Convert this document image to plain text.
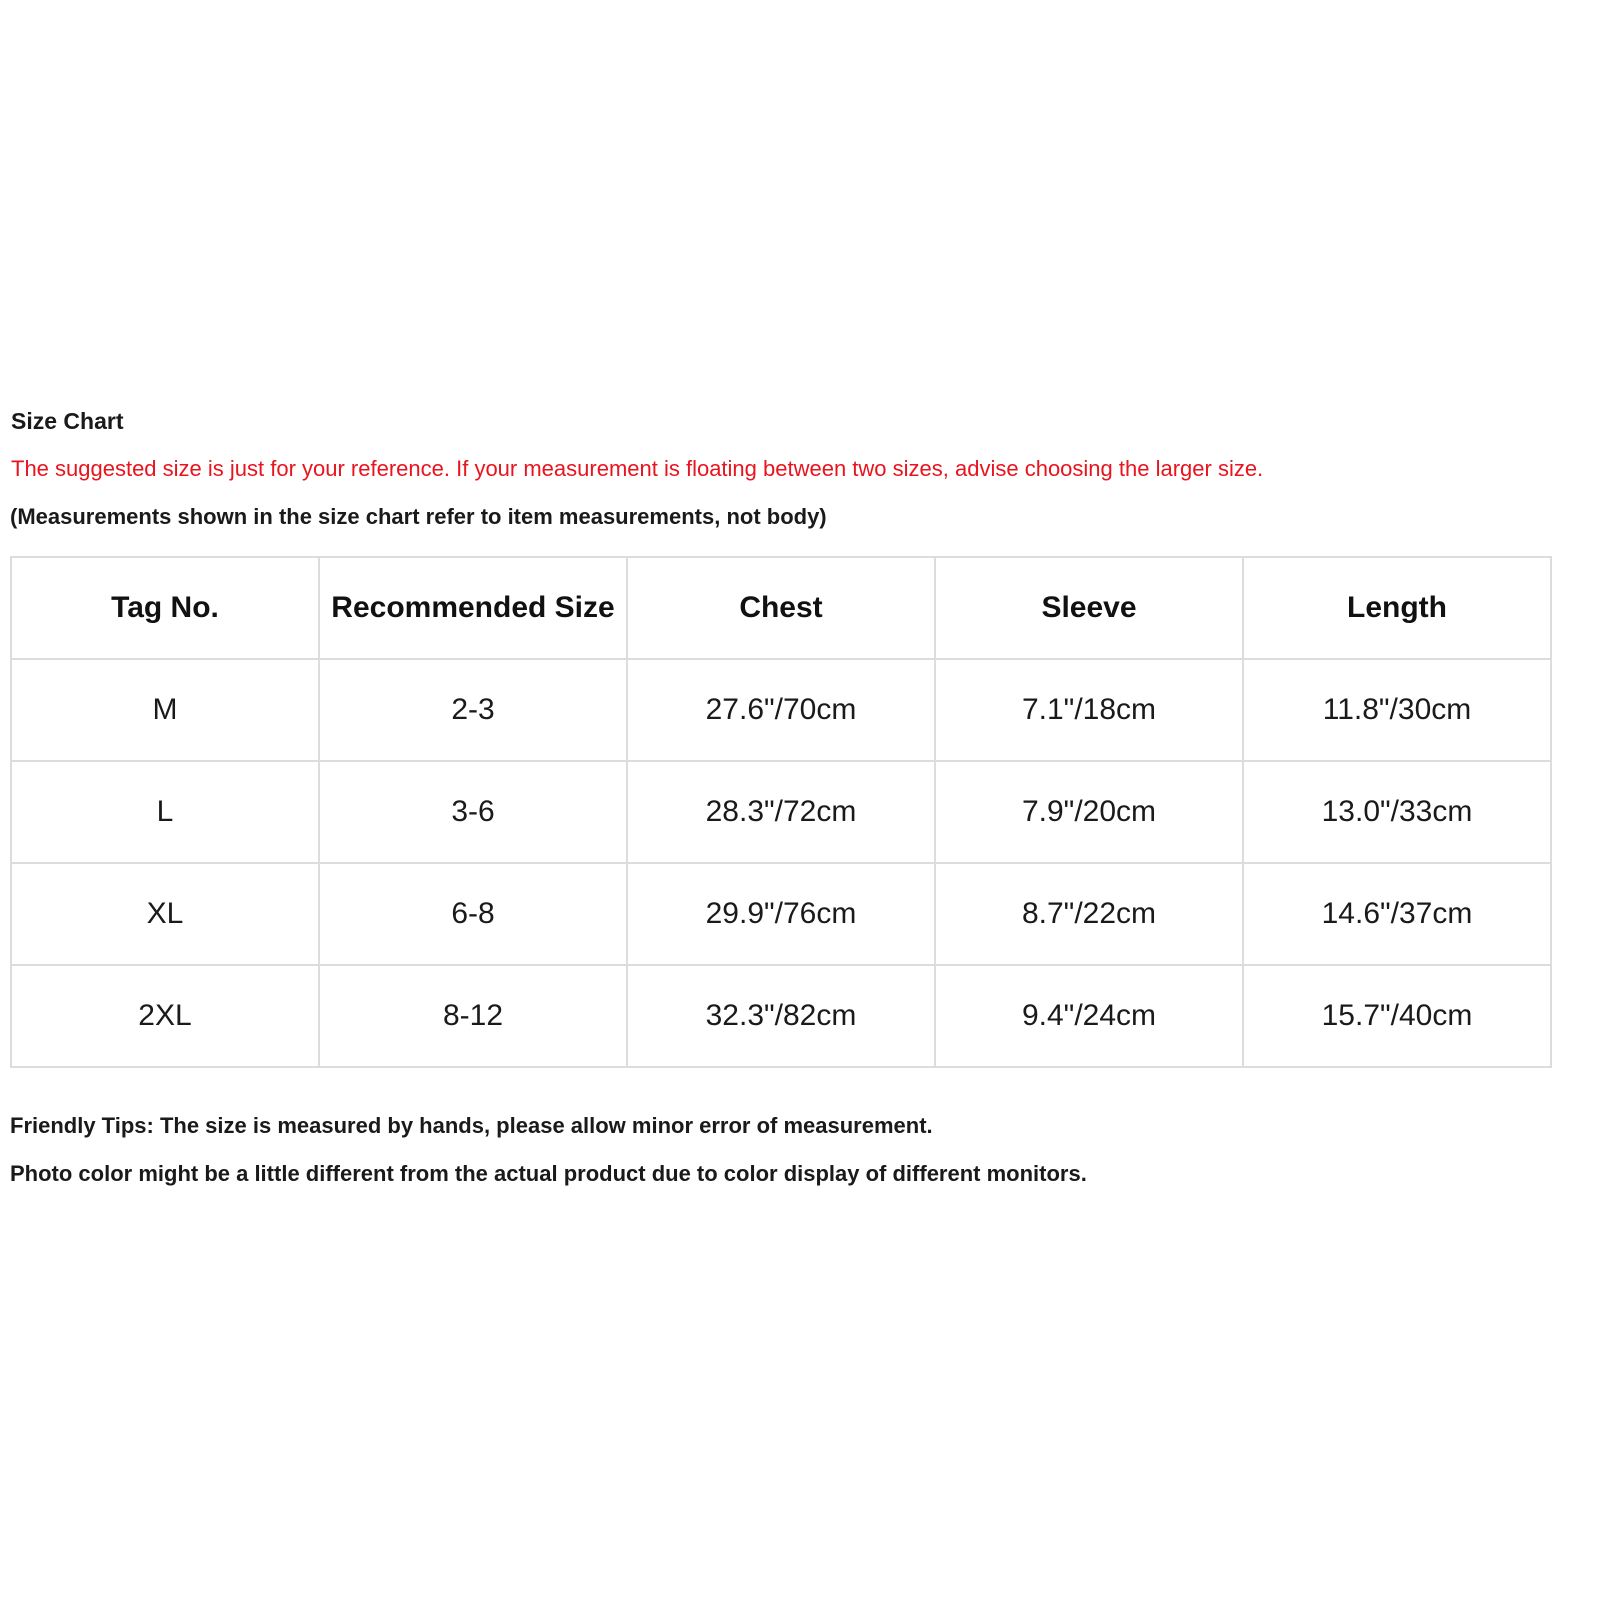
Size Chart
The suggested size is just for your reference. If your measurement is floating between two sizes, advise choosing the larger size.
(Measurements shown in the size chart refer to item measurements, not body)
Tag No.	Recommended Size	Chest	Sleeve	Length
M	2-3	27.6"/70cm	7.1"/18cm	11.8"/30cm
L	3-6	28.3"/72cm	7.9"/20cm	13.0"/33cm
XL	6-8	29.9"/76cm	8.7"/22cm	14.6"/37cm
2XL	8-12	32.3"/82cm	9.4"/24cm	15.7"/40cm
Friendly Tips: The size is measured by hands, please allow minor error of measurement.
Photo color might be a little different from the actual product due to color display of different monitors.
